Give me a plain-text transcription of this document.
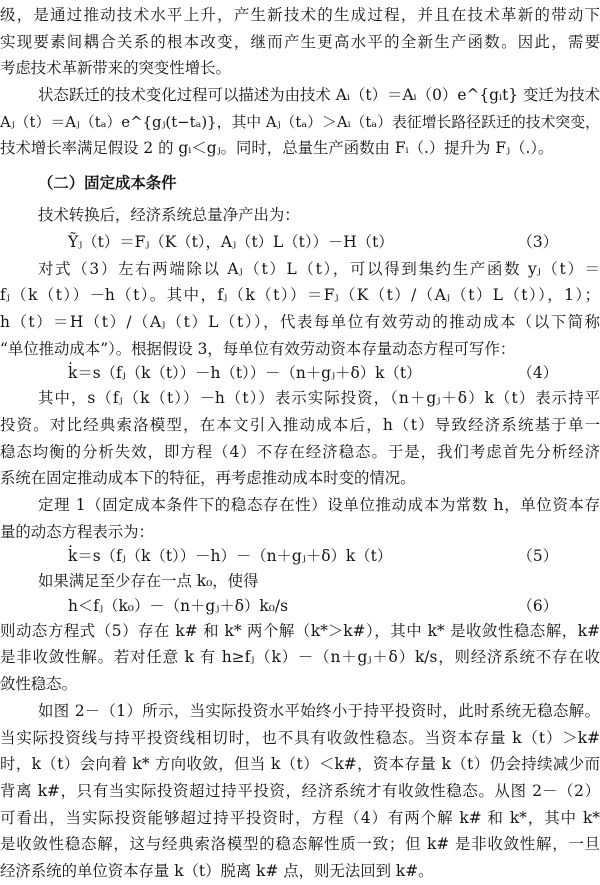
级，是通过推动技术水平上升，产生新技术的生成过程，并且在技术革新的带动下
实现要素间耦合关系的根本改变，继而产生更高水平的全新生产函数。因此，需要
考虑技术革新带来的突变性增长。
状态跃迁的技术变化过程可以描述为由技术 Aᵢ（t）＝Aᵢ（0）e^{gᵢt} 变迁为技术
Aⱼ（t）＝Aⱼ（tₐ）e^{gⱼ(t−tₐ)}，其中 Aⱼ（tₐ）＞Aᵢ（tₐ）表征增长路径跃迁的技术突变，
技术增长率满足假设 2 的 gᵢ＜gⱼ。同时，总量生产函数由 Fᵢ（.）提升为 Fⱼ（.）。
（二）固定成本条件
技术转换后，经济系统总量净产出为：
Ỹⱼ（t）＝Fⱼ（K（t），Aⱼ（t）L（t））－H（t）	（3）
对式（3）左右两端除以 Aⱼ（t）L（t），可以得到集约生产函数 yⱼ（t）＝
fⱼ（k（t））－h（t）。其中，fⱼ（k（t））＝Fⱼ（K（t）/（Aⱼ（t）L（t）），1）；
h（t）＝H（t）/（Aⱼ（t）L（t）），代表每单位有效劳动的推动成本（以下简称
“单位推动成本”）。根据假设 3，每单位有效劳动资本存量动态方程可写作：
k̇＝s（fⱼ（k（t））－h（t））－（n＋gⱼ＋δ）k（t）	（4）
其中，s（fⱼ（k（t））－h（t））表示实际投资，（n＋gⱼ＋δ）k（t）表示持平
投资。对比经典索洛模型，在本文引入推动成本后，h（t）导致经济系统基于单一
稳态均衡的分析失效，即方程（4）不存在经济稳态。于是，我们考虑首先分析经济
系统在固定推动成本下的特征，再考虑推动成本时变的情况。
定理 1（固定成本条件下的稳态存在性）设单位推动成本为常数 h，单位资本存
量的动态方程表示为：
k̇＝s（fⱼ（k（t））－h）－（n＋gⱼ＋δ）k（t）	（5）
如果满足至少存在一点 k₀，使得
h＜fⱼ（k₀）－（n＋gⱼ＋δ）k₀/s	（6）
则动态方程式（5）存在 k# 和 k* 两个解（k*＞k#），其中 k* 是收敛性稳态解，k#
是非收敛性解。若对任意 k 有 h≥fⱼ（k）－（n＋gⱼ＋δ）k/s，则经济系统不存在收
敛性稳态。
如图 2－（1）所示，当实际投资水平始终小于持平投资时，此时系统无稳态解。
当实际投资线与持平投资线相切时，也不具有收敛性稳态。当资本存量 k（t）＞k#
时，k（t）会向着 k* 方向收敛，但当 k（t）＜k#，资本存量 k（t）仍会持续减少而
背离 k#，只有当实际投资超过持平投资，经济系统才有收敛性稳态。从图 2－（2）
可看出，当实际投资能够超过持平投资时，方程（4）有两个解 k# 和 k*，其中 k*
是收敛性稳态解，这与经典索洛模型的稳态解性质一致；但 k# 是非收敛性解，一旦
经济系统的单位资本存量 k（t）脱离 k# 点，则无法回到 k#。
